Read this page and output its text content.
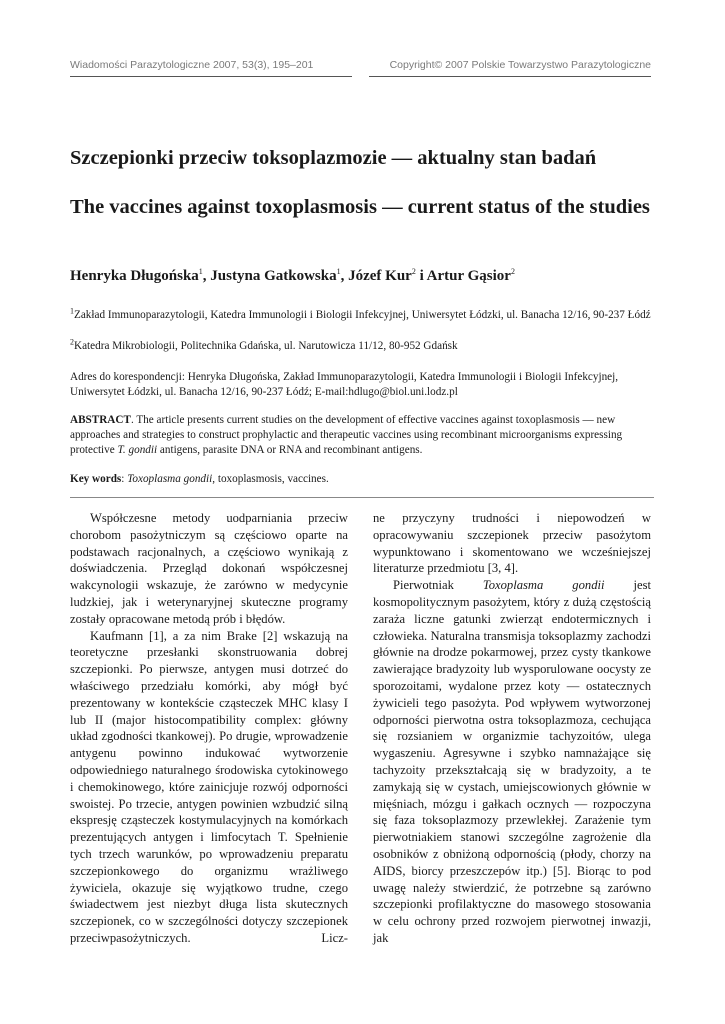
Wiadomości Parazytologiczne 2007, 53(3), 195–201	Copyright© 2007 Polskie Towarzystwo Parazytologiczne
Szczepionki przeciw toksoplazmozie — aktualny stan badań
The vaccines against toxoplasmosis — current status of the studies
Henryka Długońska$^1$, Justyna Gatkowska$^1$, Józef Kur$^2$ i Artur Gąsior$^2$
$^1$Zakład Immunoparazytologii, Katedra Immunologii i Biologii Infekcyjnej, Uniwersytet Łódzki, ul. Banacha 12/16, 90-237 Łódź
$^2$Katedra Mikrobiologii, Politechnika Gdańska, ul. Narutowicza 11/12, 80-952 Gdańsk
Adres do korespondencji: Henryka Długońska, Zakład Immunoparazytologii, Katedra Immunologii i Biologii Infekcyjnej, Uniwersytet Łódzki, ul. Banacha 12/16, 90-237 Łódź; E-mail:hdlugo@biol.uni.lodz.pl
ABSTRACT. The article presents current studies on the development of effective vaccines against toxoplasmosis — new approaches and strategies to construct prophylactic and therapeutic vaccines using recombinant microorganisms expressing protective T. gondii antigens, parasite DNA or RNA and recombinant antigens.
Key words: Toxoplasma gondii, toxoplasmosis, vaccines.

Współczesne metody uodparniania przeciw chorobom pasożytniczym są częściowo oparte na podstawach racjonalnych, a częściowo wynikają z doświadczenia. Przegląd dokonań współczesnej wakcynologii wskazuje, że zarówno w medycynie ludzkiej, jak i weterynaryjnej skuteczne programy zostały opracowane metodą prób i błędów.

Kaufmann [1], a za nim Brake [2] wskazują na teoretyczne przesłanki skonstruowania dobrej szczepionki. Po pierwsze, antygen musi dotrzeć do właściwego przedziału komórki, aby mógł być prezentowany w kontekście cząsteczek MHC klasy I lub II (major histocompatibility complex: główny układ zgodności tkankowej). Po drugie, wprowadzenie antygenu powinno indukować wytworzenie odpowiedniego naturalnego środowiska cytokinowego i chemokinowego, które zainicjuje rozwój odporności swoistej. Po trzecie, antygen powinien wzbudzić silną ekspresję cząsteczek kostymulacyjnych na komórkach prezentujących antygen i limfocytach T. Spełnienie tych trzech warunków, po wprowadzeniu preparatu szczepionkowego do organizmu wrażliwego żywiciela, okazuje się wyjątkowo trudne, czego świadectwem jest niezbyt długa lista skutecznych szczepionek, co w szczególności dotyczy szczepionek przeciwpasożytniczych. Licz-

ne przyczyny trudności i niepowodzeń w opracowywaniu szczepionek przeciw pasożytom wypunktowano i skomentowano we wcześniejszej literaturze przedmiotu [3, 4].

Pierwotniak Toxoplasma gondii jest kosmopolitycznym pasożytem, który z dużą częstością zaraża liczne gatunki zwierząt endotermicznych i człowieka. Naturalna transmisja toksoplazmy zachodzi głównie na drodze pokarmowej, przez cysty tkankowe zawierające bradyzoity lub wysporulowane oocysty ze sporozoitami, wydalone przez koty — ostatecznych żywicieli tego pasożyta. Pod wpływem wytworzonej odporności pierwotna ostra toksoplazmoza, cechująca się rozsianiem w organizmie tachyzoitów, ulega wygaszeniu. Agresywne i szybko namnażające się tachyzoity przekształcają się w bradyzoity, a te zamykają się w cystach, umiejscowionych głównie w mięśniach, mózgu i gałkach ocznych — rozpoczyna się faza toksoplazmozy przewlekłej. Zarażenie tym pierwotniakiem stanowi szczególne zagrożenie dla osobników z obniżoną odpornością (płody, chorzy na AIDS, biorcy przeszczepów itp.) [5]. Biorąc to pod uwagę należy stwierdzić, że potrzebne są zarówno szczepionki profilaktyczne do masowego stosowania w celu ochrony przed rozwojem pierwotnej inwazji, jak
